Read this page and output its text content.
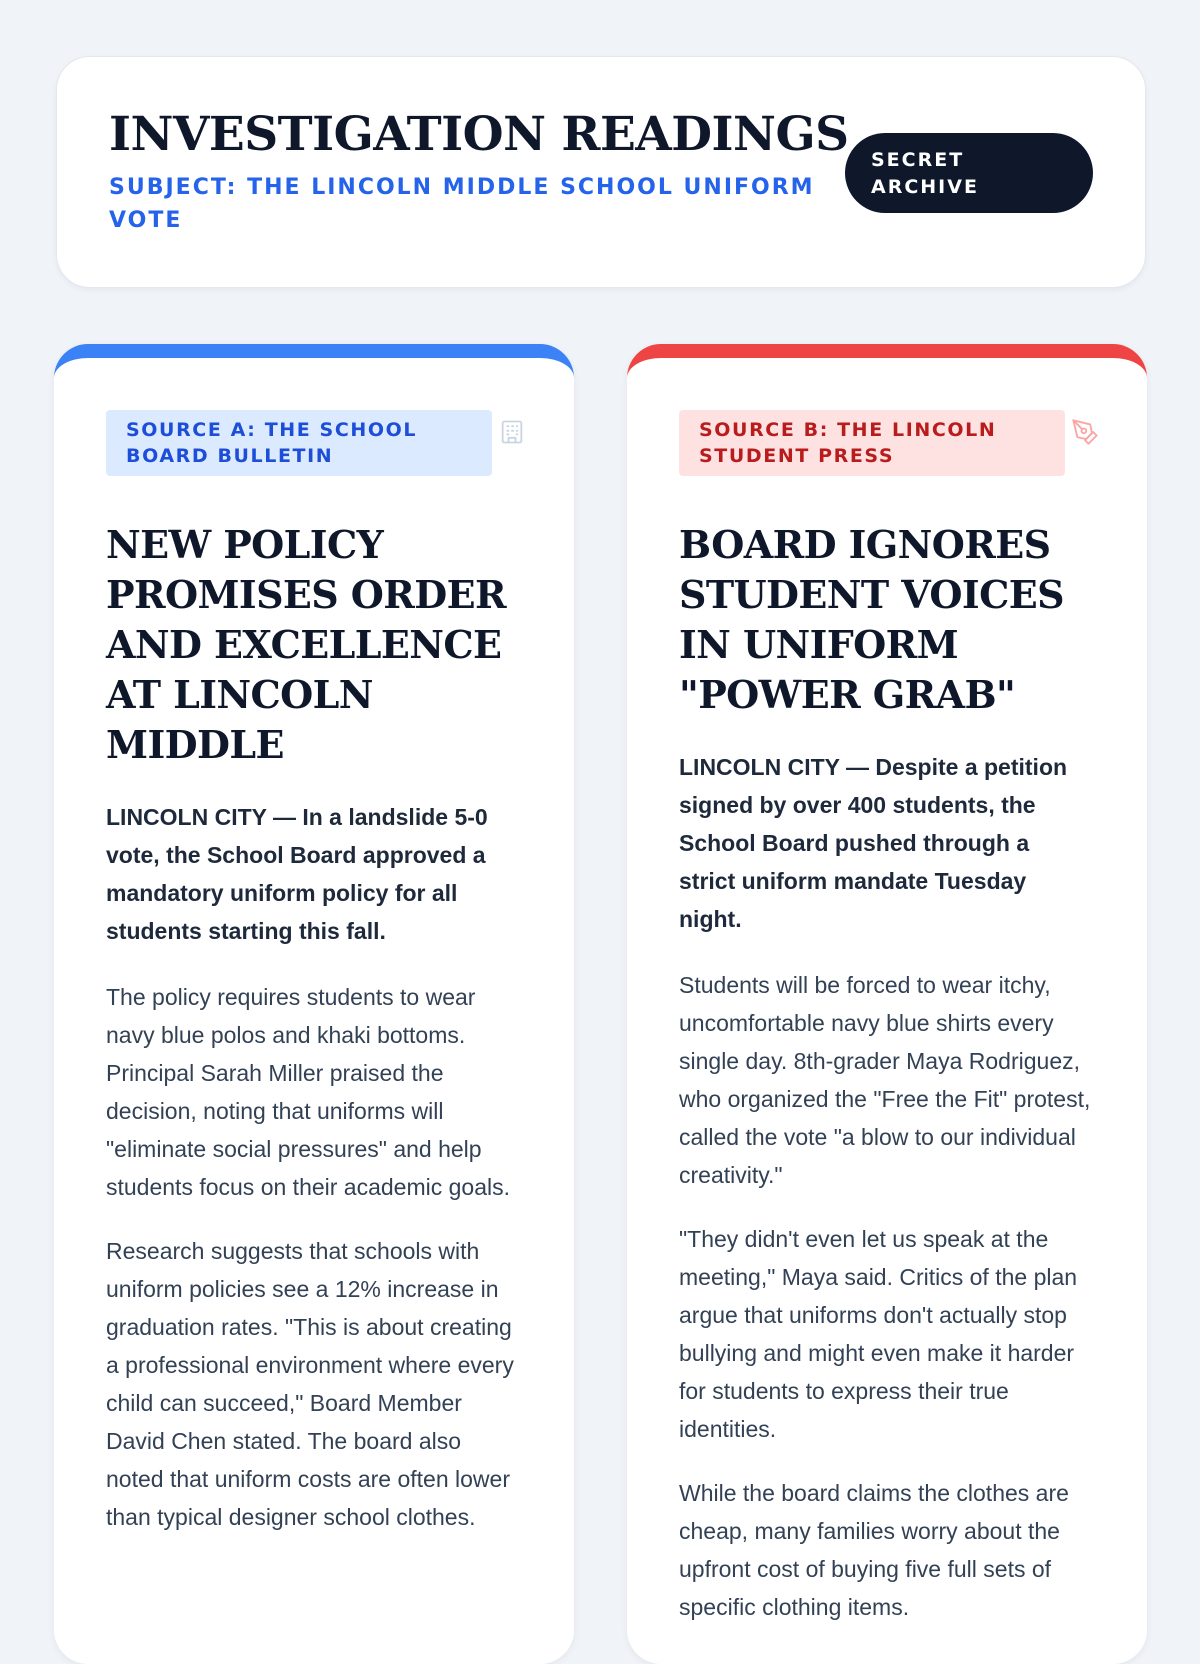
INVESTIGATION READINGS
SUBJECT: THE LINCOLN MIDDLE SCHOOL UNIFORM VOTE
SECRET ARCHIVE
SOURCE A: THE SCHOOL BOARD BULLETIN
NEW POLICY PROMISES ORDER AND EXCELLENCE AT LINCOLN MIDDLE

LINCOLN CITY — In a landslide 5-0 vote, the School Board approved a mandatory uniform policy for all students starting this fall.

The policy requires students to wear navy blue polos and khaki bottoms. Principal Sarah Miller praised the decision, noting that uniforms will "eliminate social pressures" and help students focus on their academic goals.

Research suggests that schools with uniform policies see a 12% increase in graduation rates. "This is about creating a professional environment where every child can succeed," Board Member David Chen stated. The board also noted that uniform costs are often lower than typical designer school clothes.

SOURCE B: THE LINCOLN STUDENT PRESS
BOARD IGNORES STUDENT VOICES IN UNIFORM "POWER GRAB"

LINCOLN CITY — Despite a petition signed by over 400 students, the School Board pushed through a strict uniform mandate Tuesday night.

Students will be forced to wear itchy, uncomfortable navy blue shirts every single day. 8th-grader Maya Rodriguez, who organized the "Free the Fit" protest, called the vote "a blow to our individual creativity."

"They didn't even let us speak at the meeting," Maya said. Critics of the plan argue that uniforms don't actually stop bullying and might even make it harder for students to express their true identities.

While the board claims the clothes are cheap, many families worry about the upfront cost of buying five full sets of specific clothing items.
